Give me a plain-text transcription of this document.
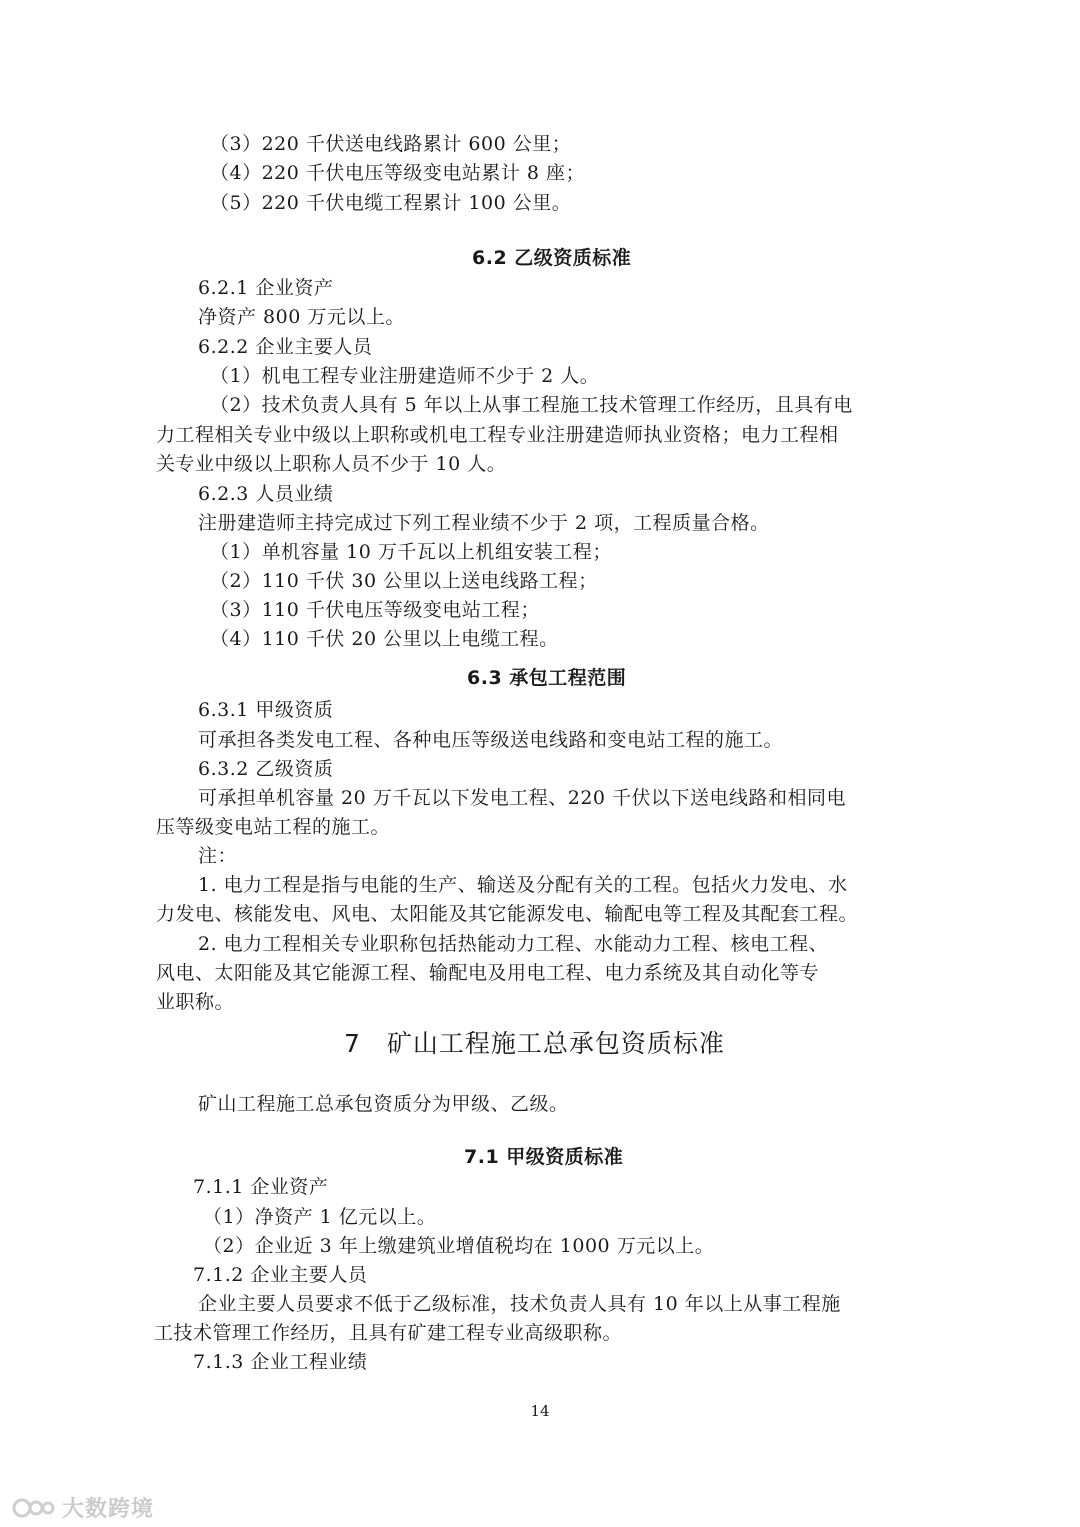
（3）220 千伏送电线路累计 600 公里；
（4）220 千伏电压等级变电站累计 8 座；
（5）220 千伏电缆工程累计 100 公里。
6.2 乙级资质标准
6.2.1 企业资产
净资产 800 万元以上。
6.2.2 企业主要人员
（1）机电工程专业注册建造师不少于 2 人。
（2）技术负责人具有 5 年以上从事工程施工技术管理工作经历，且具有电
力工程相关专业中级以上职称或机电工程专业注册建造师执业资格；电力工程相
关专业中级以上职称人员不少于 10 人。
6.2.3 人员业绩
注册建造师主持完成过下列工程业绩不少于 2 项，工程质量合格。
（1）单机容量 10 万千瓦以上机组安装工程；
（2）110 千伏 30 公里以上送电线路工程；
（3）110 千伏电压等级变电站工程；
（4）110 千伏 20 公里以上电缆工程。
6.3 承包工程范围
6.3.1 甲级资质
可承担各类发电工程、各种电压等级送电线路和变电站工程的施工。
6.3.2 乙级资质
可承担单机容量 20 万千瓦以下发电工程、220 千伏以下送电线路和相同电
压等级变电站工程的施工。
注：
1. 电力工程是指与电能的生产、输送及分配有关的工程。包括火力发电、水
力发电、核能发电、风电、太阳能及其它能源发电、输配电等工程及其配套工程。
2. 电力工程相关专业职称包括热能动力工程、水能动力工程、核电工程、
风电、太阳能及其它能源工程、输配电及用电工程、电力系统及其自动化等专
业职称。
7　矿山工程施工总承包资质标准
矿山工程施工总承包资质分为甲级、乙级。
7.1 甲级资质标准
7.1.1 企业资产
（1）净资产 1 亿元以上。
（2）企业近 3 年上缴建筑业增值税均在 1000 万元以上。
7.1.2 企业主要人员
企业主要人员要求不低于乙级标准，技术负责人具有 10 年以上从事工程施
工技术管理工作经历，且具有矿建工程专业高级职称。
7.1.3 企业工程业绩
14
大数跨境
